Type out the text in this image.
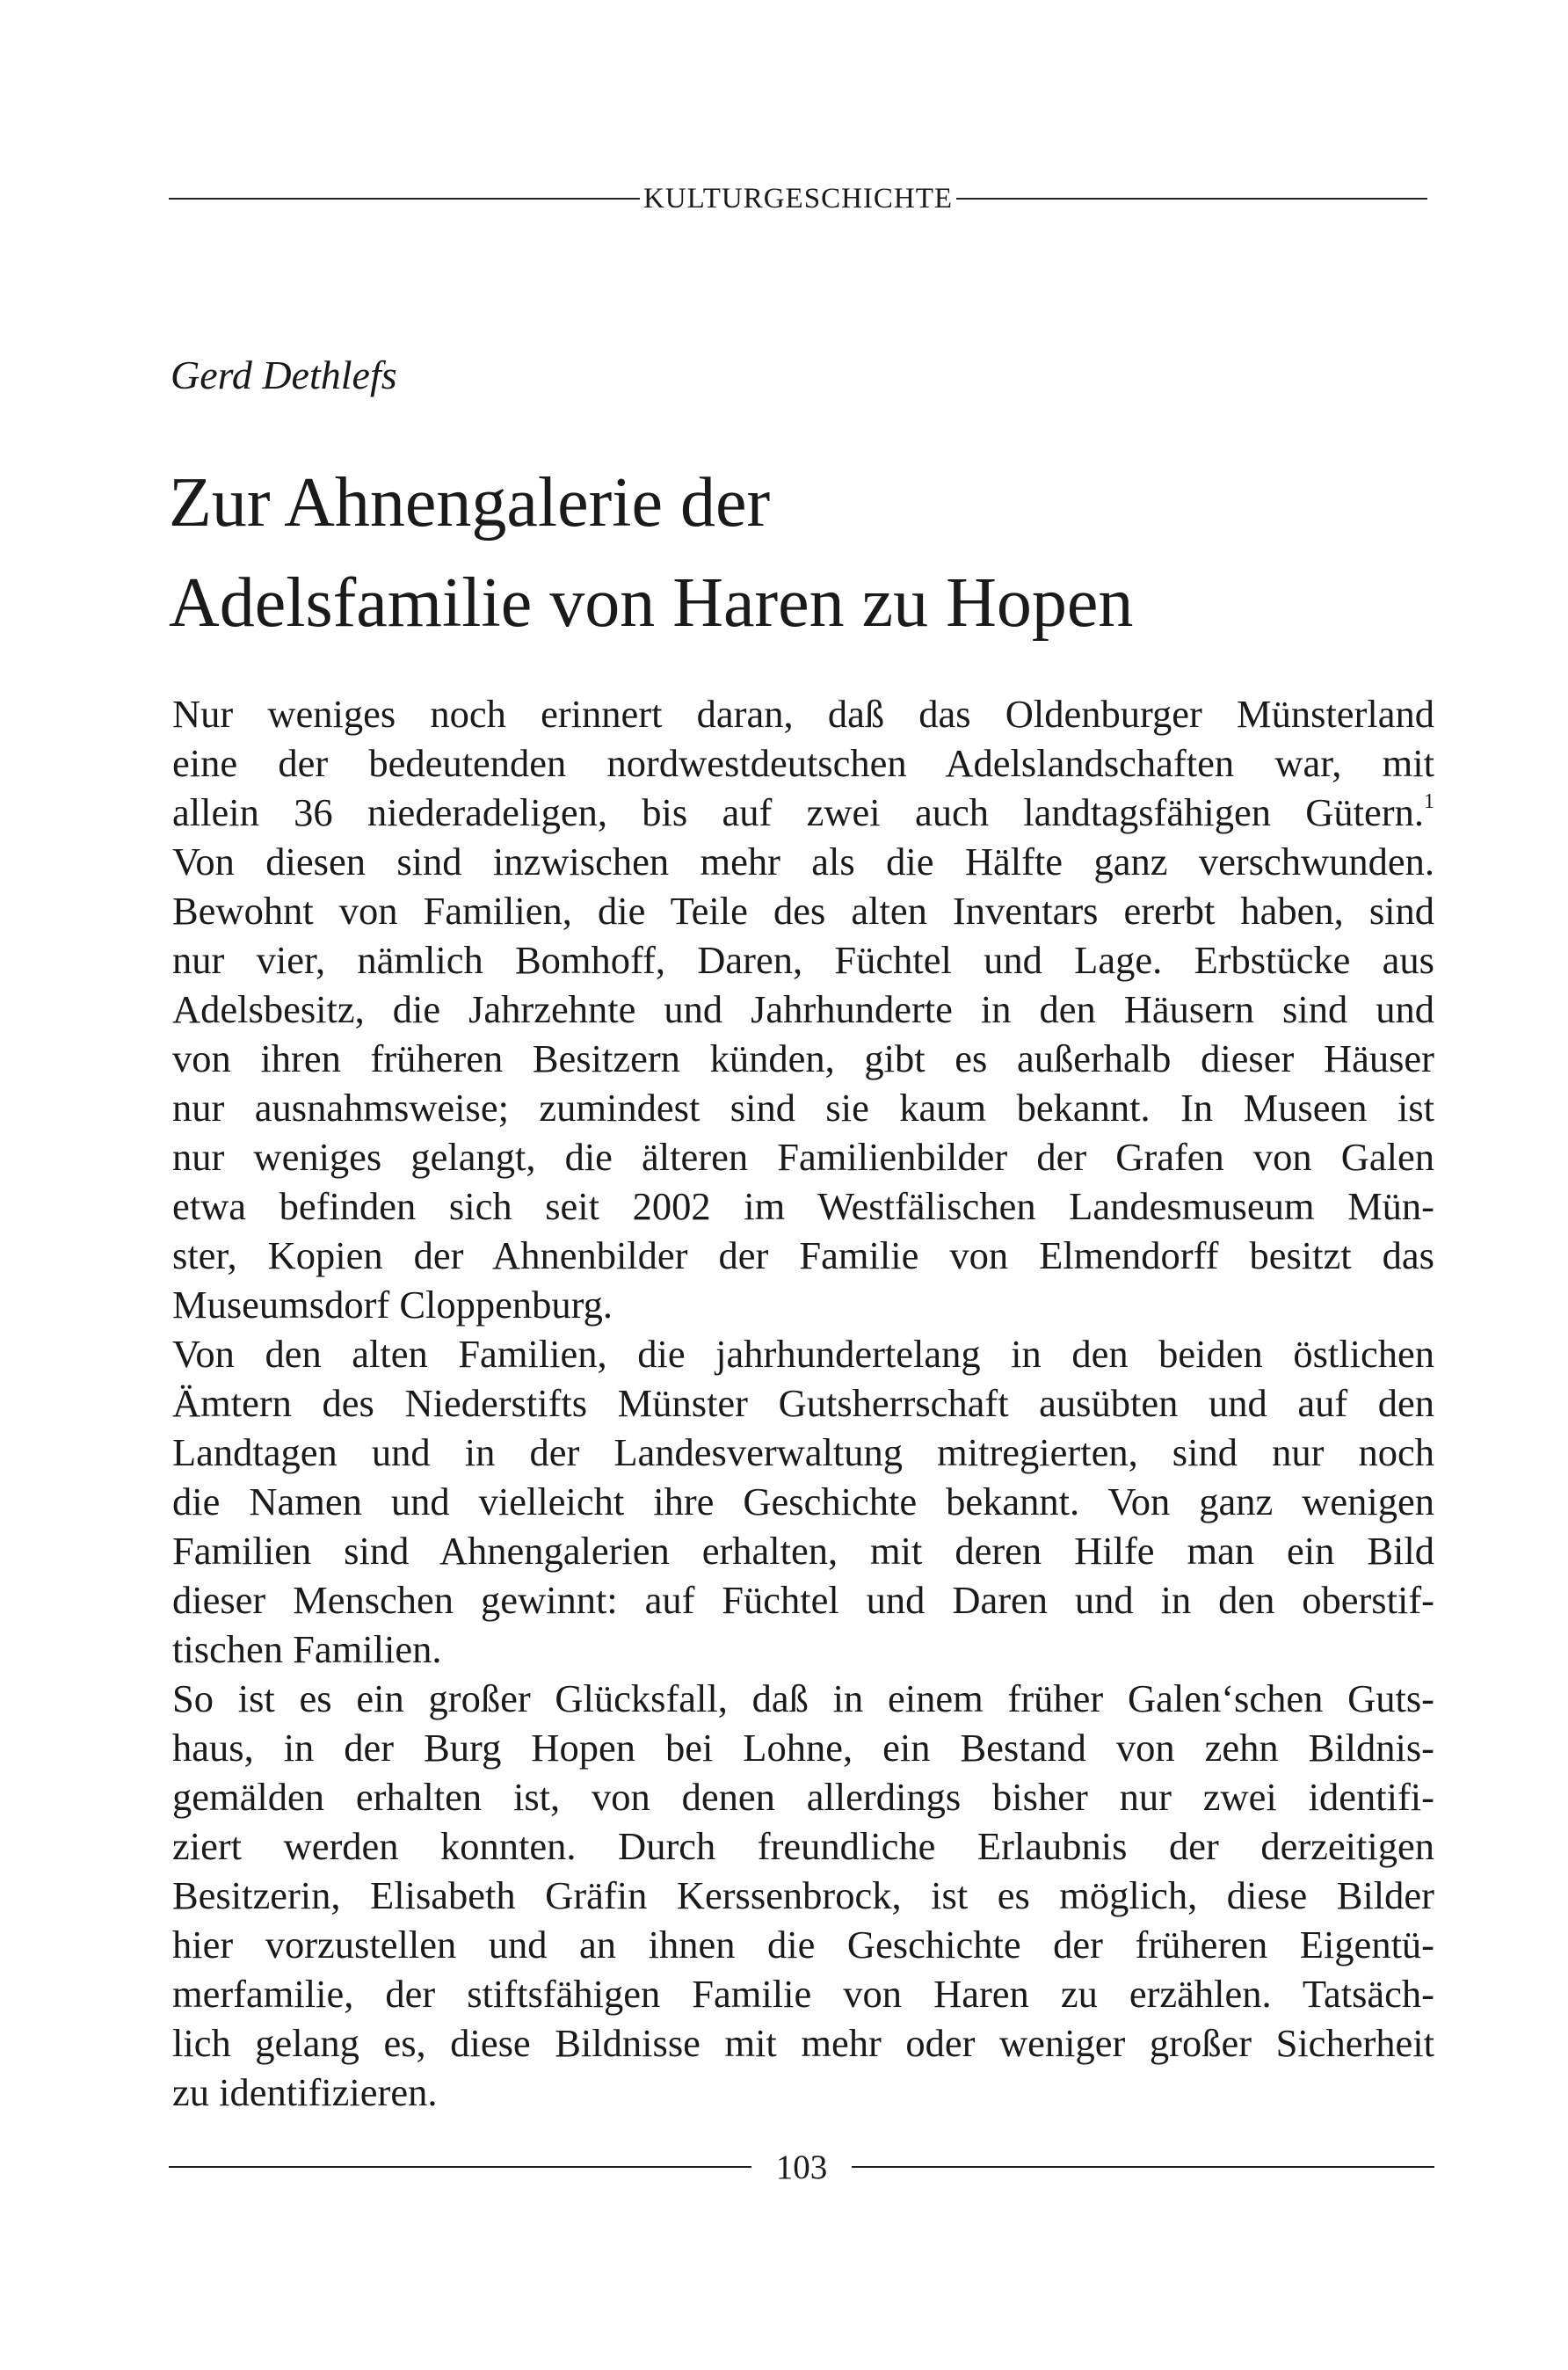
KULTURGESCHICHTE
Gerd Dethlefs
Zur Ahnengalerie der
Adelsfamilie von Haren zu Hopen
Nur weniges noch erinnert daran, daß das Oldenburger Münsterland
eine der bedeutenden nordwestdeutschen Adelslandschaften war, mit
allein 36 niederadeligen, bis auf zwei auch landtagsfähigen Gütern.$^1$
Von diesen sind inzwischen mehr als die Hälfte ganz verschwunden.
Bewohnt von Familien, die Teile des alten Inventars ererbt haben, sind
nur vier, nämlich Bomhoff, Daren, Füchtel und Lage. Erbstücke aus
Adelsbesitz, die Jahrzehnte und Jahrhunderte in den Häusern sind und
von ihren früheren Besitzern künden, gibt es außerhalb dieser Häuser
nur ausnahmsweise; zumindest sind sie kaum bekannt. In Museen ist
nur weniges gelangt, die älteren Familienbilder der Grafen von Galen
etwa befinden sich seit 2002 im Westfälischen Landesmuseum Mün-
ster, Kopien der Ahnenbilder der Familie von Elmendorff besitzt das
Museumsdorf Cloppenburg.
Von den alten Familien, die jahrhundertelang in den beiden östlichen
Ämtern des Niederstifts Münster Gutsherrschaft ausübten und auf den
Landtagen und in der Landesverwaltung mitregierten, sind nur noch
die Namen und vielleicht ihre Geschichte bekannt. Von ganz wenigen
Familien sind Ahnengalerien erhalten, mit deren Hilfe man ein Bild
dieser Menschen gewinnt: auf Füchtel und Daren und in den oberstif-
tischen Familien.
So ist es ein großer Glücksfall, daß in einem früher Galen‘schen Guts-
haus, in der Burg Hopen bei Lohne, ein Bestand von zehn Bildnis-
gemälden erhalten ist, von denen allerdings bisher nur zwei identifi-
ziert werden konnten. Durch freundliche Erlaubnis der derzeitigen
Besitzerin, Elisabeth Gräfin Kerssenbrock, ist es möglich, diese Bilder
hier vorzustellen und an ihnen die Geschichte der früheren Eigentü-
merfamilie, der stiftsfähigen Familie von Haren zu erzählen. Tatsäch-
lich gelang es, diese Bildnisse mit mehr oder weniger großer Sicherheit
zu identifizieren.
103
